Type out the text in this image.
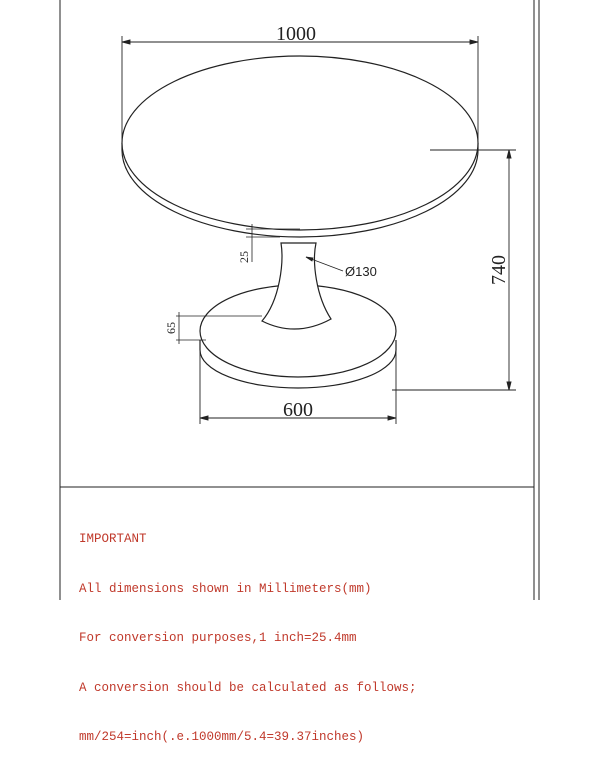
1000
740
25
Ø130
65
600

IMPORTANT

All dimensions shown in Millimeters(mm)

For conversion purposes,1 inch=25.4mm

A conversion should be calculated as follows;

mm/254=inch(.e.1000mm/5.4=39.37inches)
